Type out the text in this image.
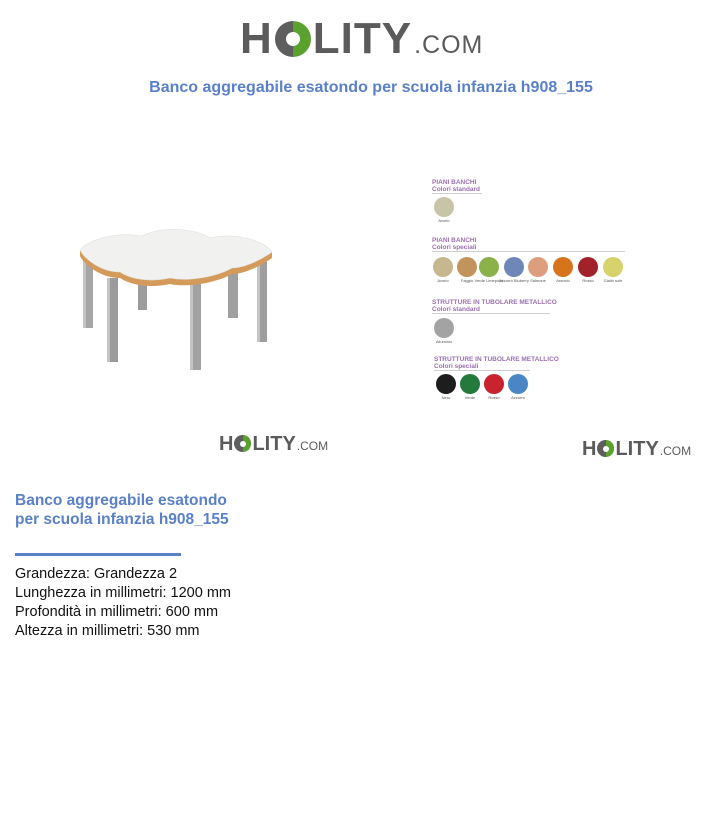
H LITY .COM
Banco aggregabile esatondo per scuola infanzia h908_155
PIANI BANCHI
Colori standard
Avorio
PIANI BANCHI
Colori speciali
Avorio	Faggio Verde Limepoint
Azzurro Bluberry Salmone	Arancio	Rosso	Giallo sole
STRUTTURE IN TUBOLARE METALLICO
Colori standard
Alluminio
STRUTTURE IN TUBOLARE METALLICO
Colori speciali
Nero	Verde	Rosso	Azzurro
H LITY .COM	H LITY .COM
Banco aggregabile esatondo per scuola infanzia h908_155
Grandezza: Grandezza 2
Lunghezza in millimetri: 1200 mm
Profondità in millimetri: 600 mm
Altezza in millimetri: 530 mm
